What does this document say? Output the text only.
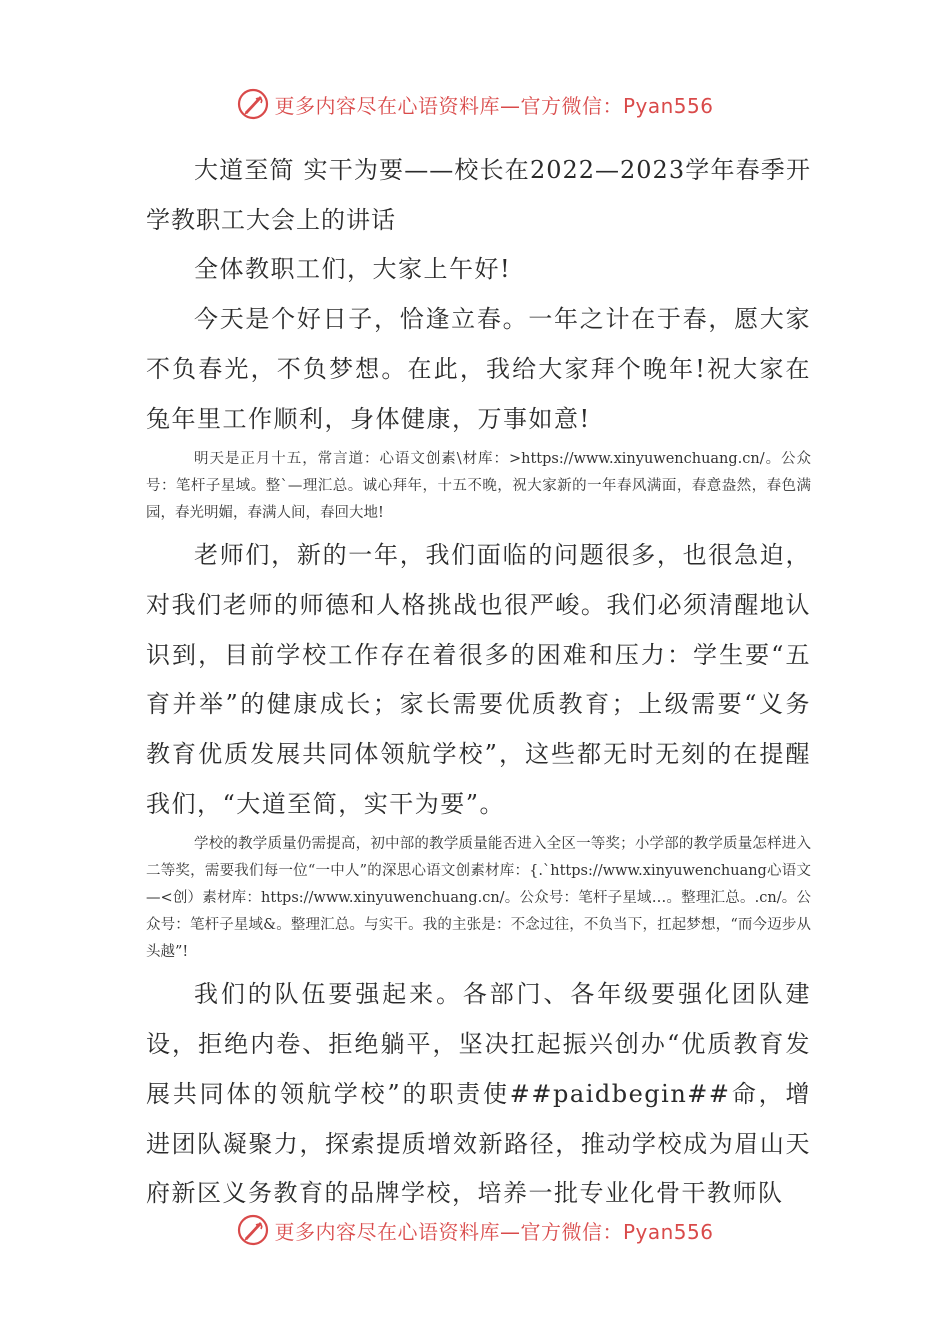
更多内容尽在心语资料库—官方微信：Pyan556

大道至简 实干为要——校长在2022—2023学年春季开学教职工大会上的讲话

全体教职工们，大家上午好!

今天是个好日子，恰逢立春。一年之计在于春，愿大家不负春光，不负梦想。在此，我给大家拜个晚年!祝大家在兔年里工作顺利，身体健康，万事如意!

明天是正月十五，常言道：心语文创素\材库：>https://www.xinyuwenchuang.cn/。公众号：笔杆子星域。整`—理汇总。诚心拜年，十五不晚，祝大家新的一年春风满面，春意盎然，春色满园，春光明媚，春满人间，春回大地!

老师们，新的一年，我们面临的问题很多，也很急迫，对我们老师的师德和人格挑战也很严峻。我们必须清醒地认识到，目前学校工作存在着很多的困难和压力：学生要“五育并举”的健康成长；家长需要优质教育；上级需要“义务教育优质发展共同体领航学校”，这些都无时无刻的在提醒我们，“大道至简，实干为要”。

学校的教学质量仍需提高，初中部的教学质量能否进入全区一等奖；小学部的教学质量怎样进入二等奖，需要我们每一位“一中人”的深思心语文创素材库：{.`https://www.xinyuwenchuang心语文—<创）素材库：https://www.xinyuwenchuang.cn/。公众号：笔杆子星域…。整理汇总。.cn/。公众号：笔杆子星域&。整理汇总。与实干。我的主张是：不念过往，不负当下，扛起梦想，“而今迈步从头越”!

我们的队伍要强起来。各部门、各年级要强化团队建设，拒绝内卷、拒绝躺平，坚决扛起振兴创办“优质教育发展共同体的领航学校”的职责使##paidbegin##命，增进团队凝聚力，探索提质增效新路径，推动学校成为眉山天府新区义务教育的品牌学校，培养一批专业化骨干教师队

更多内容尽在心语资料库—官方微信：Pyan556
